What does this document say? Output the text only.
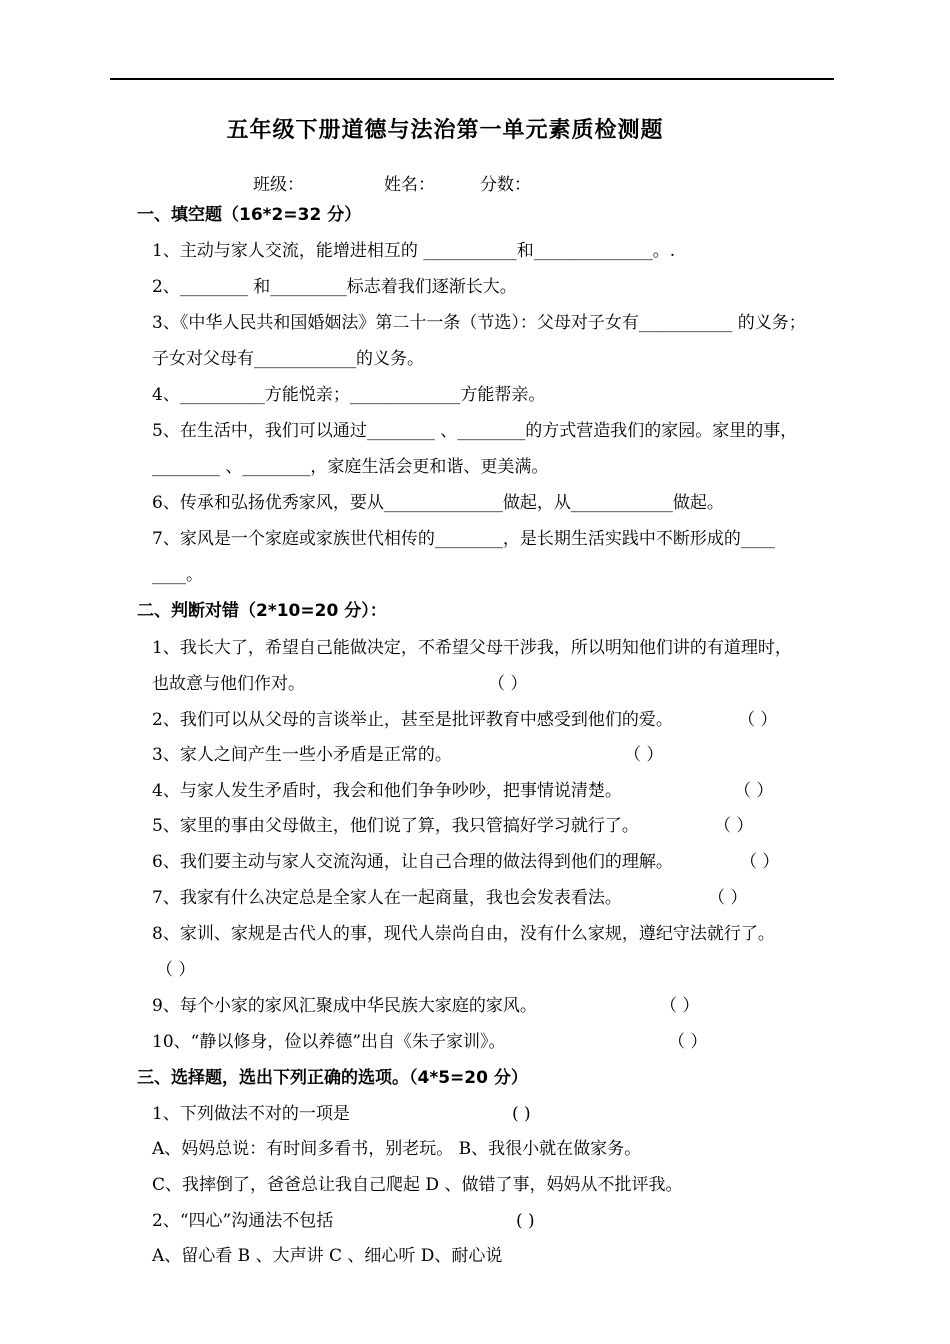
五年级下册道德与法治第一单元素质检测题
班级：	姓名：	分数：
一、填空题（16*2=32 分）
1、主动与家人交流，能增进相互的 ___________和______________。.
2、________ 和_________标志着我们逐渐长大。
3、《中华人民共和国婚姻法》第二十一条（节选）：父母对子女有___________ 的义务；
子女对父母有____________的义务。
4、__________方能悦亲；_____________方能帮亲。
5、在生活中，我们可以通过________ 、________的方式营造我们的家园。家里的事，
________ 、________，家庭生活会更和谐、更美满。
6、传承和弘扬优秀家风，要从______________做起，从____________做起。
7、家风是一个家庭或家族世代相传的________，是长期生活实践中不断形成的____
____。
二、判断对错（2*10=20 分）：
1、我长大了，希望自己能做决定，不希望父母干涉我，所以明知他们讲的有道理时，
也故意与他们作对。	（ ）
2、我们可以从父母的言谈举止，甚至是批评教育中感受到他们的爱。	（ ）
3、家人之间产生一些小矛盾是正常的。	（ ）
4、与家人发生矛盾时，我会和他们争争吵吵，把事情说清楚。	（ ）
5、家里的事由父母做主，他们说了算，我只管搞好学习就行了。	（ ）
6、我们要主动与家人交流沟通，让自己合理的做法得到他们的理解。	（ ）
7、我家有什么决定总是全家人在一起商量，我也会发表看法。	（ ）
8、家训、家规是古代人的事，现代人崇尚自由，没有什么家规，遵纪守法就行了。
（ ）
9、每个小家的家风汇聚成中华民族大家庭的家风。	（ ）
10、“静以修身，俭以养德”出自《朱子家训》。	（ ）
三、选择题，选出下列正确的选项。（4*5=20 分）
1、下列做法不对的一项是	( )
A、妈妈总说：有时间多看书，别老玩。 B、我很小就在做家务。
C、我摔倒了，爸爸总让我自己爬起 D 、做错了事，妈妈从不批评我。
2、“四心”沟通法不包括	( )
A、留心看 B 、大声讲 C 、细心听 D、耐心说
